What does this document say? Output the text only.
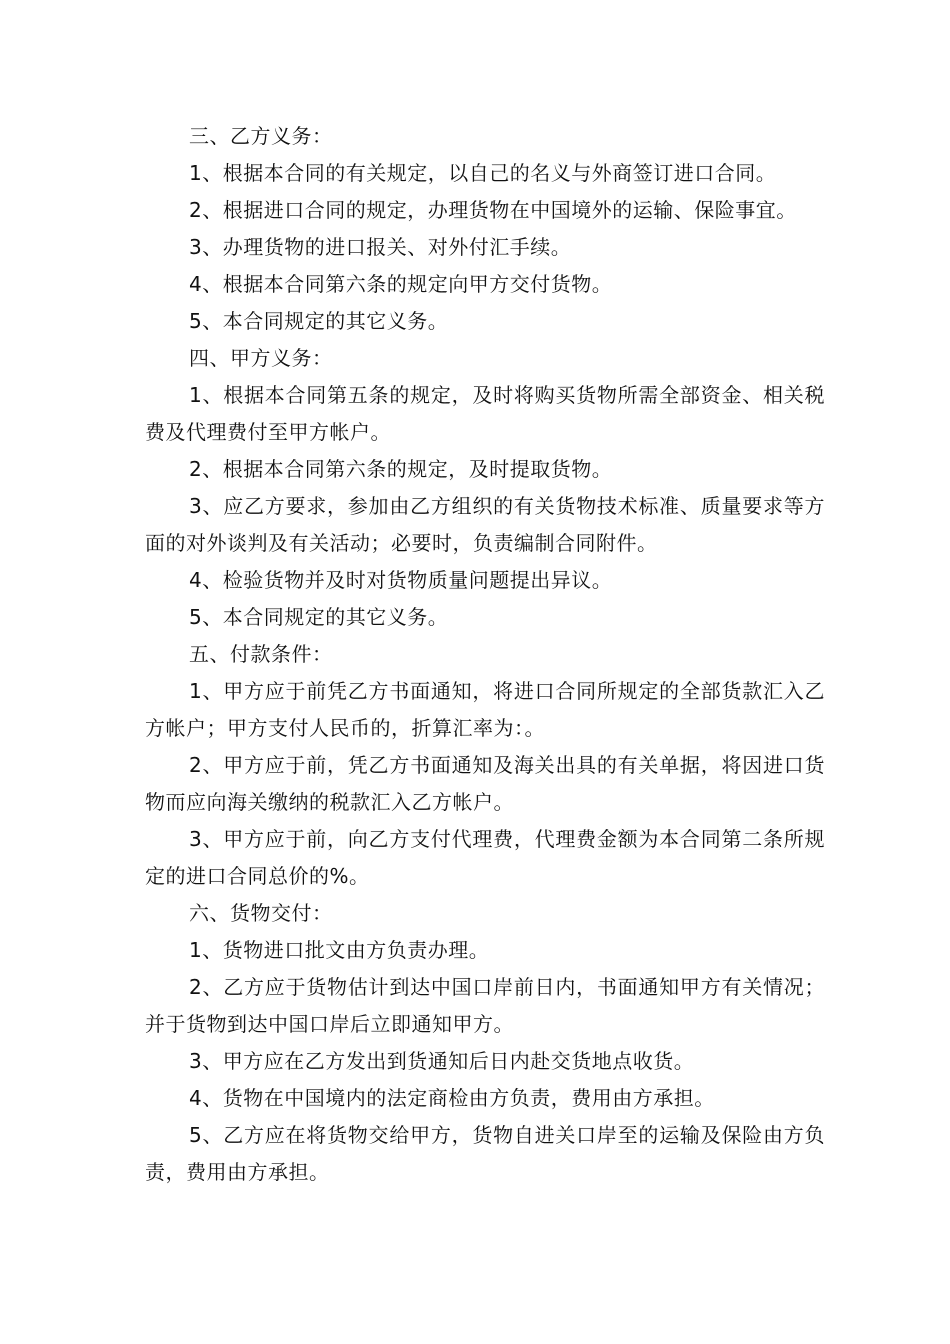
三、乙方义务：

1、根据本合同的有关规定，以自己的名义与外商签订进口合同。

2、根据进口合同的规定，办理货物在中国境外的运输、保险事宜。

3、办理货物的进口报关、对外付汇手续。

4、根据本合同第六条的规定向甲方交付货物。

5、本合同规定的其它义务。

四、甲方义务：

1、根据本合同第五条的规定，及时将购买货物所需全部资金、相关税费及代理费付至甲方帐户。

2、根据本合同第六条的规定，及时提取货物。

3、应乙方要求，参加由乙方组织的有关货物技术标准、质量要求等方面的对外谈判及有关活动；必要时，负责编制合同附件。

4、检验货物并及时对货物质量问题提出异议。

5、本合同规定的其它义务。

五、付款条件：

1、甲方应于前凭乙方书面通知，将进口合同所规定的全部货款汇入乙方帐户；甲方支付人民币的，折算汇率为：。

2、甲方应于前，凭乙方书面通知及海关出具的有关单据，将因进口货物而应向海关缴纳的税款汇入乙方帐户。

3、甲方应于前，向乙方支付代理费，代理费金额为本合同第二条所规定的进口合同总价的%。

六、货物交付：

1、货物进口批文由方负责办理。

2、乙方应于货物估计到达中国口岸前日内，书面通知甲方有关情况；并于货物到达中国口岸后立即通知甲方。

3、甲方应在乙方发出到货通知后日内赴交货地点收货。

4、货物在中国境内的法定商检由方负责，费用由方承担。

5、乙方应在将货物交给甲方，货物自进关口岸至的运输及保险由方负责，费用由方承担。
